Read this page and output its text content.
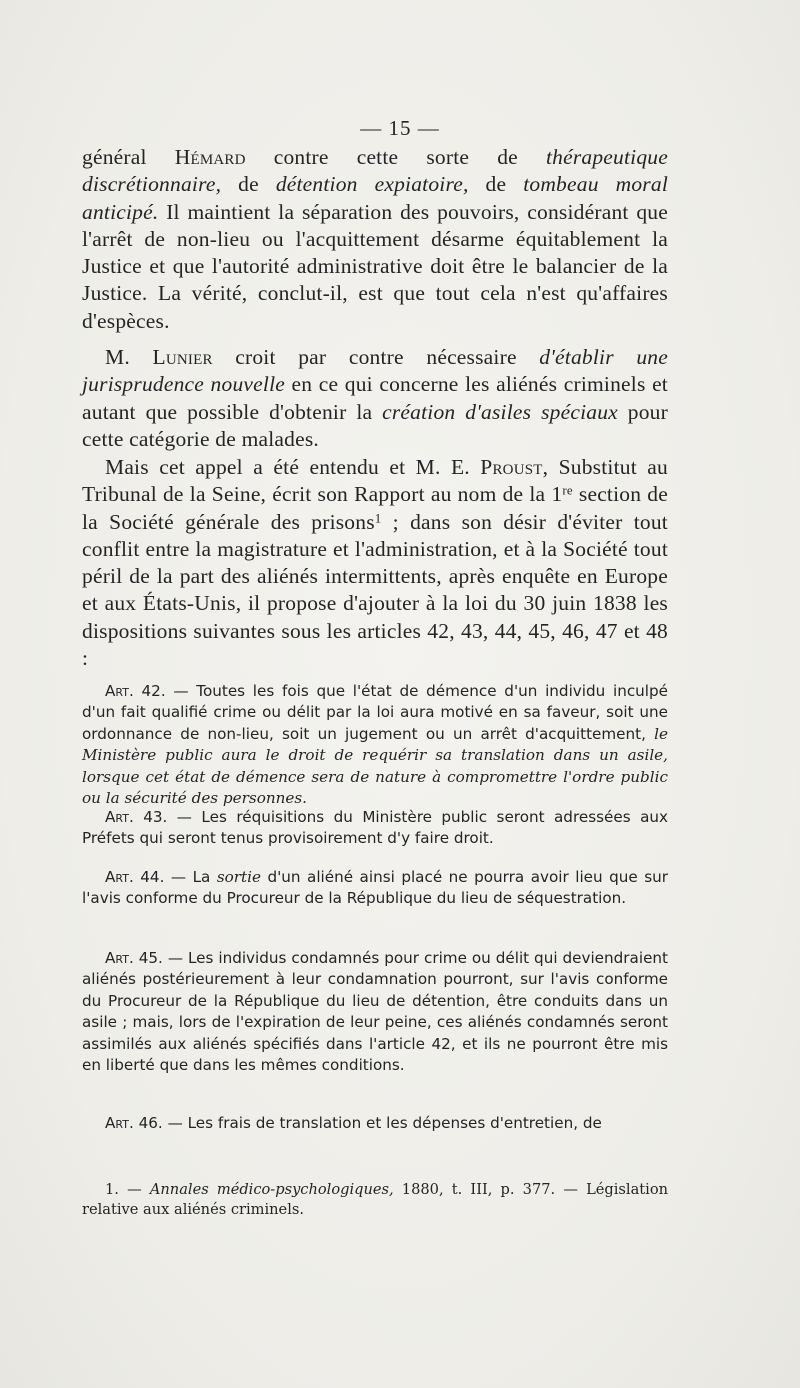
— 15 —

général Hémard contre cette sorte de thérapeutique discrétionnaire, de détention expiatoire, de tombeau moral anticipé. Il maintient la séparation des pouvoirs, considérant que l'arrêt de non-lieu ou l'acquittement désarme équitablement la Justice et que l'autorité administrative doit être le balancier de la Justice. La vérité, conclut-il, est que tout cela n'est qu'affaires d'espèces.

M. Lunier croit par contre nécessaire d'établir une jurisprudence nouvelle en ce qui concerne les aliénés criminels et autant que possible d'obtenir la création d'asiles spéciaux pour cette catégorie de malades.

Mais cet appel a été entendu et M. E. Proust, Substitut au Tribunal de la Seine, écrit son Rapport au nom de la 1re section de la Société générale des prisons$^1$ ; dans son désir d'éviter tout conflit entre la magistrature et l'administration, et à la Société tout péril de la part des aliénés intermittents, après enquête en Europe et aux États-Unis, il propose d'ajouter à la loi du 30 juin 1838 les dispositions suivantes sous les articles 42, 43, 44, 45, 46, 47 et 48 :

Art. 42. — Toutes les fois que l'état de démence d'un individu inculpé d'un fait qualifié crime ou délit par la loi aura motivé en sa faveur, soit une ordonnance de non-lieu, soit un jugement ou un arrêt d'acquittement, le Ministère public aura le droit de requérir sa translation dans un asile, lorsque cet état de démence sera de nature à compromettre l'ordre public ou la sécurité des personnes.

Art. 43. — Les réquisitions du Ministère public seront adressées aux Préfets qui seront tenus provisoirement d'y faire droit.

Art. 44. — La sortie d'un aliéné ainsi placé ne pourra avoir lieu que sur l'avis conforme du Procureur de la République du lieu de séquestration.

Art. 45. — Les individus condamnés pour crime ou délit qui deviendraient aliénés postérieurement à leur condamnation pourront, sur l'avis conforme du Procureur de la République du lieu de détention, être conduits dans un asile ; mais, lors de l'expiration de leur peine, ces aliénés condamnés seront assimilés aux aliénés spécifiés dans l'article 42, et ils ne pourront être mis en liberté que dans les mêmes conditions.

Art. 46. — Les frais de translation et les dépenses d'entretien, de

1. — Annales médico-psychologiques, 1880, t. III, p. 377. — Législation relative aux aliénés criminels.
